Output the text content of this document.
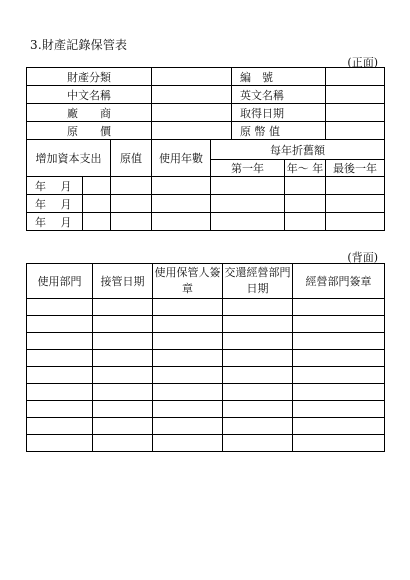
3.財產記錄保管表
(正面)
財產分類					編　號		
中文名稱					英文名稱		
廠　　商					取得日期		
原　　價					原 幣 值		
增加資本支出		原值	使用年數	每年折舊額			
				第一年		年～ 年	最後一年
年　 月							
年　 月							
年　 月							
(背面)
使用部門	接管日期	使用保管人簽章	交還經營部門日期	經營部門簽章
